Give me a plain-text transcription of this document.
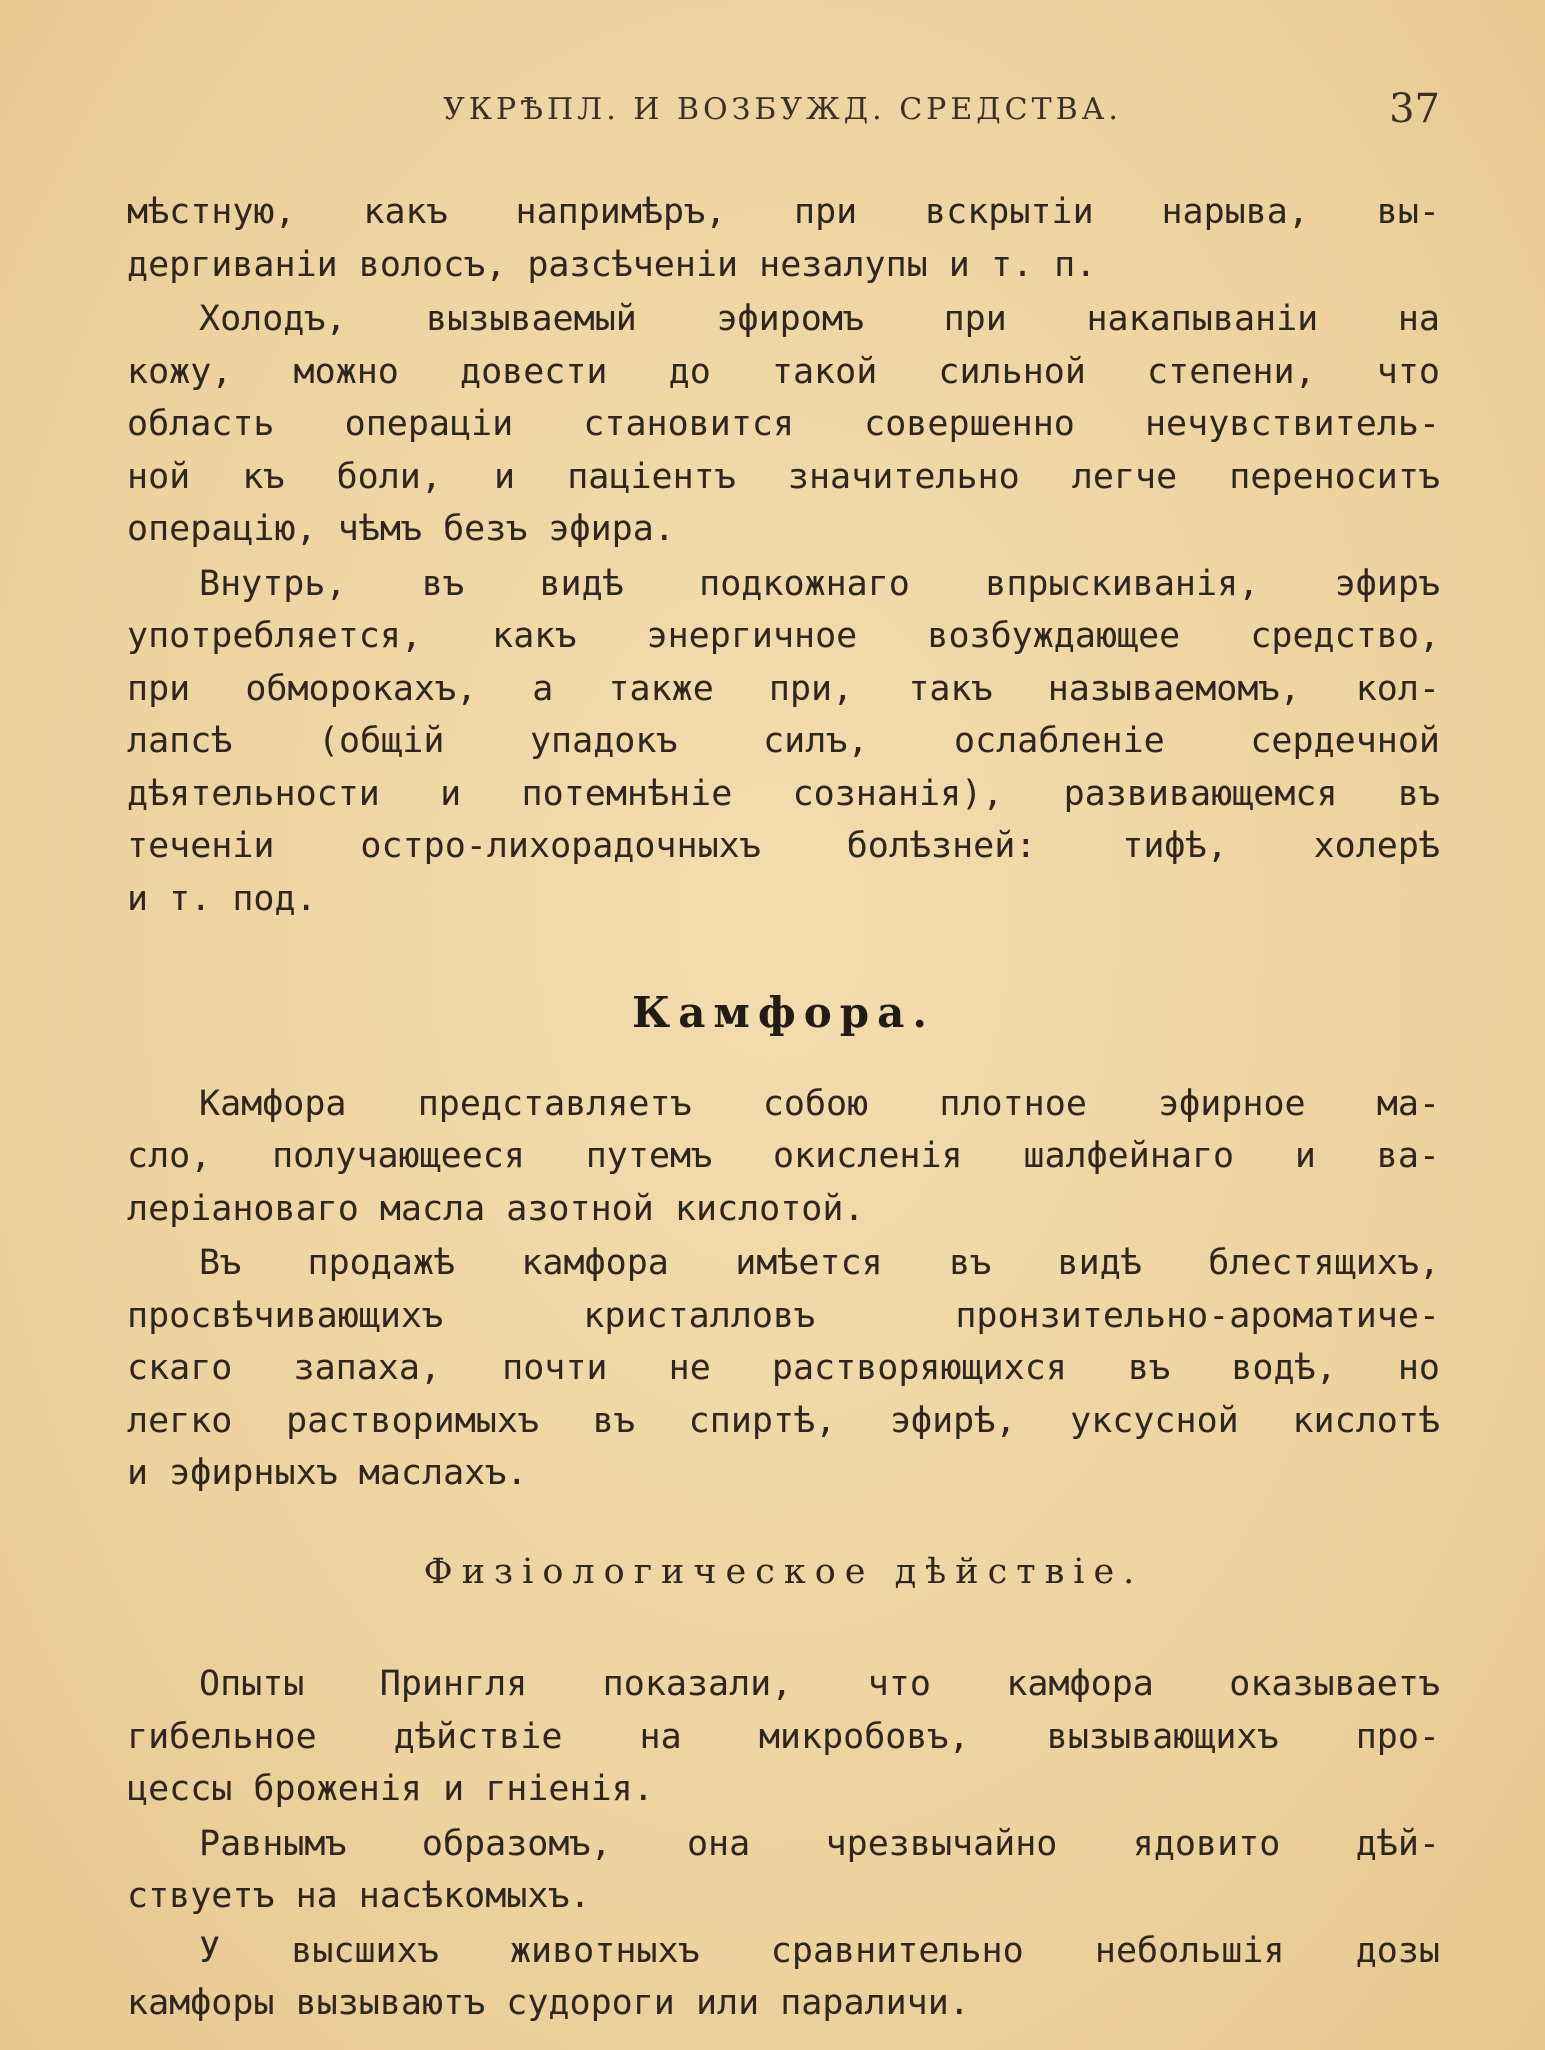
УКРѢПЛ. И ВОЗБУЖД. СРЕДСТВА.	37

мѣстную, какъ напримѣръ, при вскрытіи нарыва, вы-
дергиваніи волосъ, разсѣченіи незалупы и т. п.

Холодъ, вызываемый эфиромъ при накапываніи на
кожу, можно довести до такой сильной степени, что
область операціи становится совершенно нечувствитель-
ной къ боли, и паціентъ значительно легче переноситъ
операцію, чѣмъ безъ эфира.

Внутрь, въ видѣ подкожнаго впрыскиванія, эфиръ
употребляется, какъ энергичное возбуждающее средство,
при обморокахъ, а также при, такъ называемомъ, кол-
лапсѣ (общій упадокъ силъ, ослабленіе сердечной
дѣятельности и потемнѣніе сознанія), развивающемся въ
теченіи остро-лихорадочныхъ болѣзней: тифѣ, холерѣ
и т. под.

Камфора.

Камфора представляетъ собою плотное эфирное ма-
сло, получающееся путемъ окисленія шалфейнаго и ва-
леріановаго масла азотной кислотой.

Въ продажѣ камфора имѣется въ видѣ блестящихъ,
просвѣчивающихъ кристалловъ пронзительно-ароматиче-
скаго запаха, почти не растворяющихся въ водѣ, но
легко растворимыхъ въ спиртѣ, эфирѣ, уксусной кислотѣ
и эфирныхъ маслахъ.

Физіологическое дѣйствіе.

Опыты Прингля показали, что камфора оказываетъ
гибельное дѣйствіе на микробовъ, вызывающихъ про-
цессы броженія и гніенія.

Равнымъ образомъ, она чрезвычайно ядовито дѣй-
ствуетъ на насѣкомыхъ.

У высшихъ животныхъ сравнительно небольшія дозы
камфоры вызываютъ судороги или параличи.
